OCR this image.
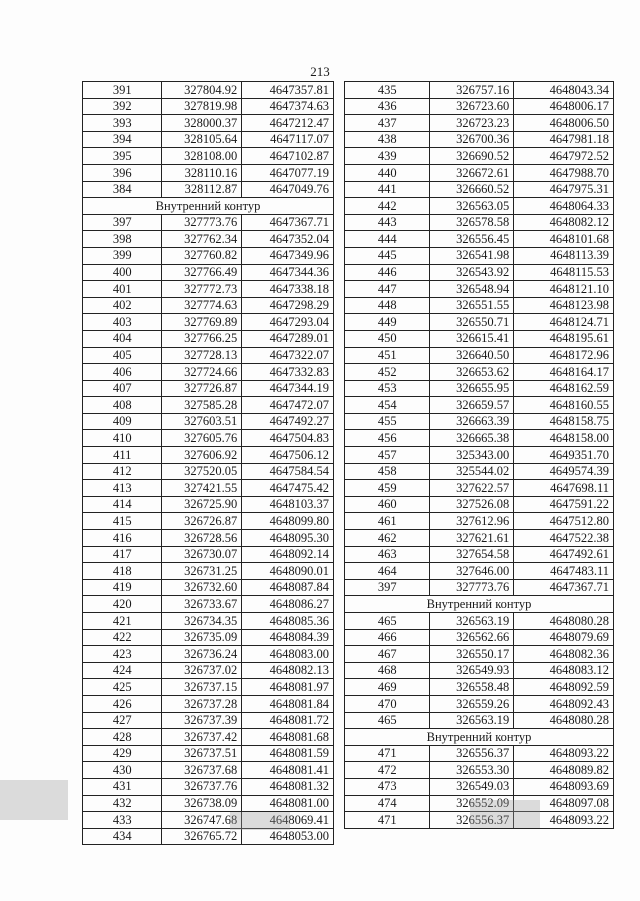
213
391	327804.92	4647357.81
392	327819.98	4647374.63
393	328000.37	4647212.47
394	328105.64	4647117.07
395	328108.00	4647102.87
396	328110.16	4647077.19
384	328112.87	4647049.76
Внутренний контур		
397	327773.76	4647367.71
398	327762.34	4647352.04
399	327760.82	4647349.96
400	327766.49	4647344.36
401	327772.73	4647338.18
402	327774.63	4647298.29
403	327769.89	4647293.04
404	327766.25	4647289.01
405	327728.13	4647322.07
406	327724.66	4647332.83
407	327726.87	4647344.19
408	327585.28	4647472.07
409	327603.51	4647492.27
410	327605.76	4647504.83
411	327606.92	4647506.12
412	327520.05	4647584.54
413	327421.55	4647475.42
414	326725.90	4648103.37
415	326726.87	4648099.80
416	326728.56	4648095.30
417	326730.07	4648092.14
418	326731.25	4648090.01
419	326732.60	4648087.84
420	326733.67	4648086.27
421	326734.35	4648085.36
422	326735.09	4648084.39
423	326736.24	4648083.00
424	326737.02	4648082.13
425	326737.15	4648081.97
426	326737.28	4648081.84
427	326737.39	4648081.72
428	326737.42	4648081.68
429	326737.51	4648081.59
430	326737.68	4648081.41
431	326737.76	4648081.32
432	326738.09	4648081.00
433	326747.68	4648069.41
434	326765.72	4648053.00
435	326757.16	4648043.34
436	326723.60	4648006.17
437	326723.23	4648006.50
438	326700.36	4647981.18
439	326690.52	4647972.52
440	326672.61	4647988.70
441	326660.52	4647975.31
442	326563.05	4648064.33
443	326578.58	4648082.12
444	326556.45	4648101.68
445	326541.98	4648113.39
446	326543.92	4648115.53
447	326548.94	4648121.10
448	326551.55	4648123.98
449	326550.71	4648124.71
450	326615.41	4648195.61
451	326640.50	4648172.96
452	326653.62	4648164.17
453	326655.95	4648162.59
454	326659.57	4648160.55
455	326663.39	4648158.75
456	326665.38	4648158.00
457	325343.00	4649351.70
458	325544.02	4649574.39
459	327622.57	4647698.11
460	327526.08	4647591.22
461	327612.96	4647512.80
462	327621.61	4647522.38
463	327654.58	4647492.61
464	327646.00	4647483.11
397	327773.76	4647367.71
Внутренний контур		
465	326563.19	4648080.28
466	326562.66	4648079.69
467	326550.17	4648082.36
468	326549.93	4648083.12
469	326558.48	4648092.59
470	326559.26	4648092.43
465	326563.19	4648080.28
Внутренний контур		
471	326556.37	4648093.22
472	326553.30	4648089.82
473	326549.03	4648093.69
474	326552.09	4648097.08
471	326556.37	4648093.22
